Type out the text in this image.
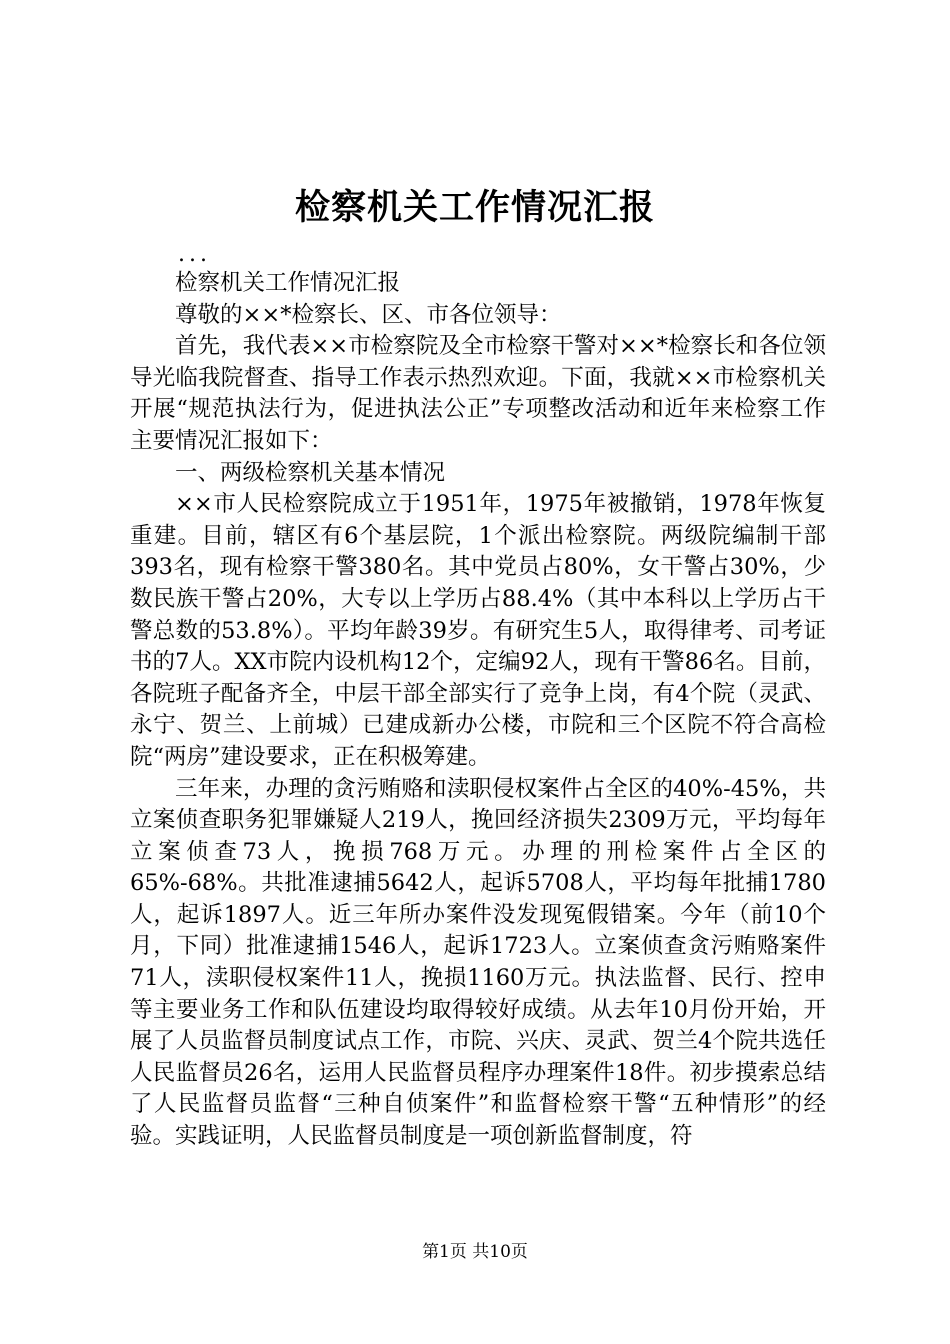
检察机关工作情况汇报
...

检察机关工作情况汇报

尊敬的××*检察长、区、市各位领导：

首先，我代表××市检察院及全市检察干警对××*检察长和各位领导光临我院督查、指导工作表示热烈欢迎。下面，我就××市检察机关开展“规范执法行为，促进执法公正”专项整改活动和近年来检察工作主要情况汇报如下：

一、两级检察机关基本情况

××市人民检察院成立于1951年，1975年被撤销，1978年恢复重建。目前，辖区有6个基层院，1个派出检察院。两级院编制干部393名，现有检察干警380名。其中党员占80%，女干警占30%，少数民族干警占20%，大专以上学历占88.4%（其中本科以上学历占干警总数的53.8%）。平均年龄39岁。有研究生5人，取得律考、司考证书的7人。XX市院内设机构12个，定编92人，现有干警86名。目前，各院班子配备齐全，中层干部全部实行了竞争上岗，有4个院（灵武、永宁、贺兰、上前城）已建成新办公楼，市院和三个区院不符合高检院“两房”建设要求，正在积极筹建。

三年来，办理的贪污贿赂和渎职侵权案件占全区的40%-45%，共立案侦查职务犯罪嫌疑人219人，挽回经济损失2309万元，平均每年立案侦查73人，挽损768万元。办理的刑检案件占全区的65%-68%。共批准逮捕5642人，起诉5708人，平均每年批捕1780人，起诉1897人。近三年所办案件没发现冤假错案。今年（前10个月，下同）批准逮捕1546人，起诉1723人。立案侦查贪污贿赂案件71人，渎职侵权案件11人，挽损1160万元。执法监督、民行、控申等主要业务工作和队伍建设均取得较好成绩。从去年10月份开始，开展了人员监督员制度试点工作，市院、兴庆、灵武、贺兰4个院共选任人民监督员26名，运用人民监督员程序办理案件18件。初步摸索总结了人民监督员监督“三种自侦案件”和监督检察干警“五种情形”的经验。实践证明，人民监督员制度是一项创新监督制度，符

第1页 共10页
